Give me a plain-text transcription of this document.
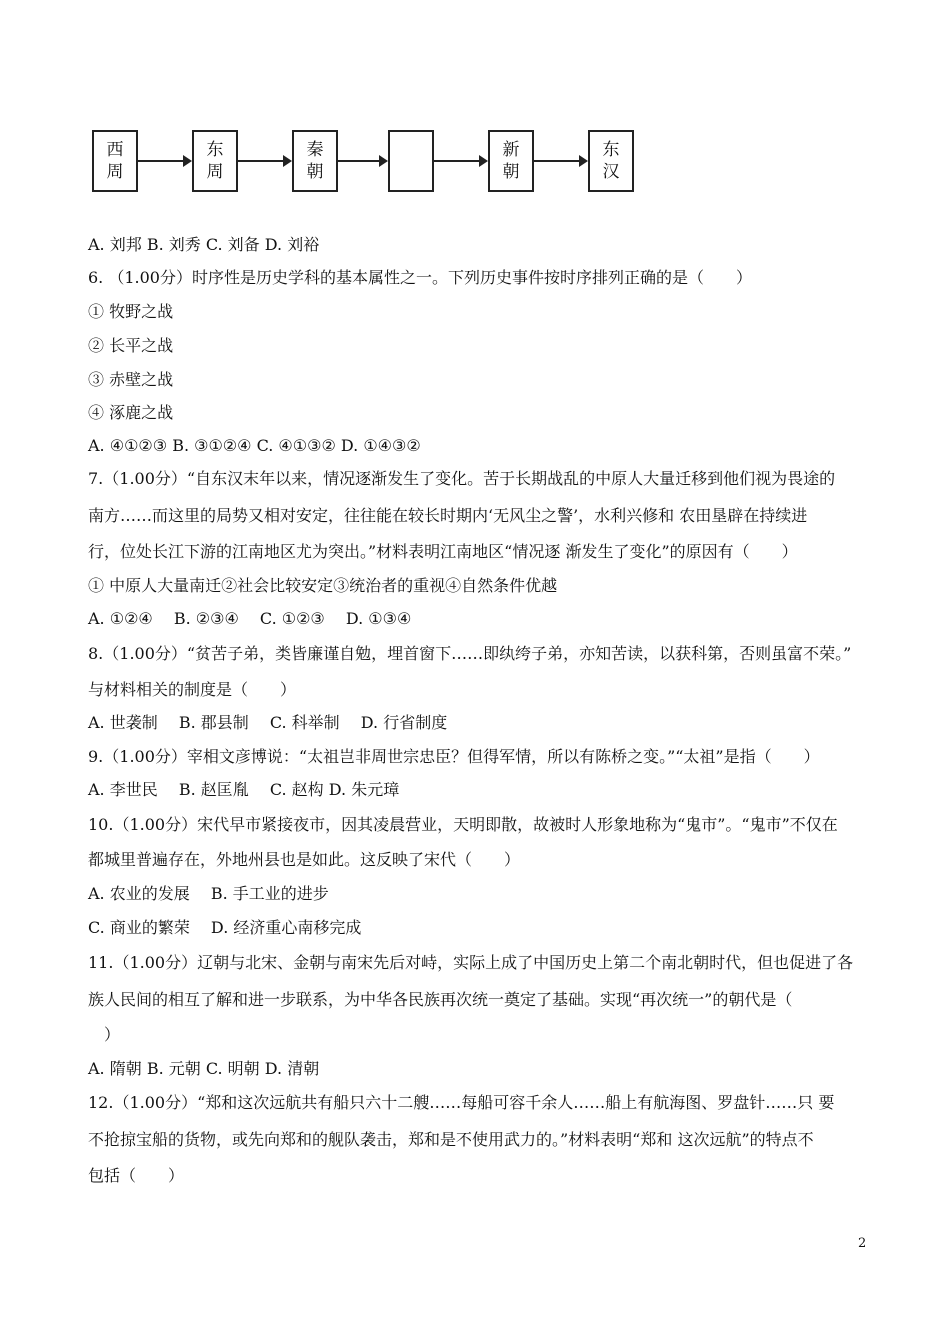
西周
东周
秦朝
新朝
东汉
A. 刘邦 B. 刘秀 C. 刘备 D. 刘裕
6. （1.00分）时序性是历史学科的基本属性之一。下列历史事件按时序排列正确的是（　　）
① 牧野之战
② 长平之战
③ 赤壁之战
④ 涿鹿之战
A. ④①②③ B. ③①②④ C. ④①③② D. ①④③②
7.（1.00分）“自东汉末年以来，情况逐渐发生了变化。苦于长期战乱的中原人大量迁移到他们视为畏途的
南方……而这里的局势又相对安定，往往能在较长时期内‘无风尘之警’，水利兴修和 农田垦辟在持续进
行，位处长江下游的江南地区尤为突出。”材料表明江南地区“情况逐 渐发生了变化”的原因有（　　）
① 中原人大量南迁②社会比较安定③统治者的重视④自然条件优越
A. ①②④　 B. ②③④　 C. ①②③　 D. ①③④
8.（1.00分）“贫苦子弟，类皆廉谨自勉，埋首窗下……即纨绔子弟，亦知苦读，以获科第，否则虽富不荣。”
与材料相关的制度是（　　）
A. 世袭制　 B. 郡县制　 C. 科举制　 D. 行省制度
9.（1.00分）宰相文彦博说：“太祖岂非周世宗忠臣？但得军情，所以有陈桥之变。”“太祖”是指（　　）
A. 李世民　 B. 赵匡胤　 C. 赵构 D. 朱元璋
10.（1.00分）宋代早市紧接夜市，因其凌晨营业，天明即散，故被时人形象地称为“鬼市”。“鬼市”不仅在
都城里普遍存在，外地州县也是如此。这反映了宋代（　　）
A. 农业的发展　 B. 手工业的进步
C. 商业的繁荣　 D. 经济重心南移完成
11.（1.00分）辽朝与北宋、金朝与南宋先后对峙，实际上成了中国历史上第二个南北朝时代，但也促进了各
族人民间的相互了解和进一步联系，为中华各民族再次统一奠定了基础。实现“再次统一”的朝代是（
　）
A. 隋朝 B. 元朝 C. 明朝 D. 清朝
12.（1.00分）“郑和这次远航共有船只六十二艘……每船可容千余人……船上有航海图、罗盘针……只 要
不抢掠宝船的货物，或先向郑和的舰队袭击，郑和是不使用武力的。”材料表明“郑和 这次远航”的特点不
包括（　　）
2
